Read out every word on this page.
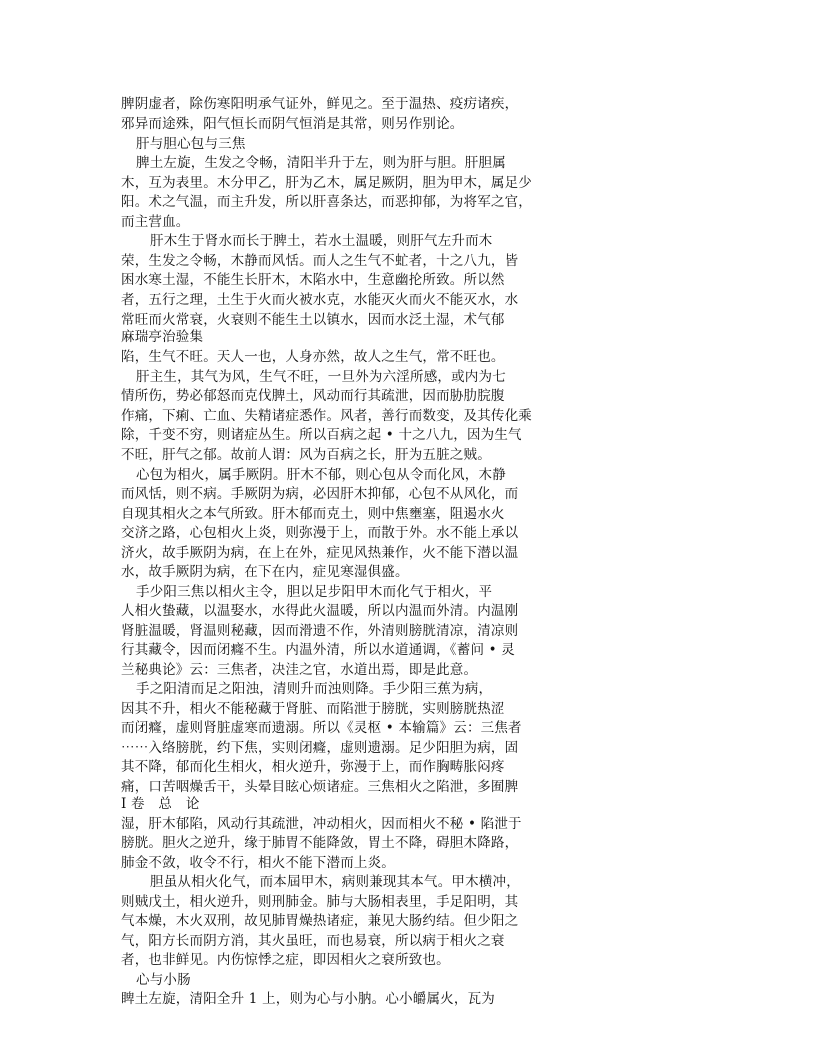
脾阴虚者，除伤寒阳明承气证外，鲜见之。至于温热、疫疠诸疾，
邪异而途殊，阳气恒长而阴气恒消是其常，则另作别论。
肝与胆心包与三焦
脾土左旋，生发之令畅，清阳半升于左，则为肝与胆。肝胆属
木，互为表里。木分甲乙，肝为乙木，属足厥阴，胆为甲木，属足少
阳。术之气温，而主升发，所以肝喜条达，而恶抑郁，为将军之官，
而主营血。
肝木生于肾水而长于脾土，若水土温暖，则肝气左升而木
荣，生发之令畅，木静而风恬。而人之生气不虻者，十之八九，皆
困水寒土湿，不能生长肝木，木陷水中，生意幽抡所致。所以然
者，五行之理，土生于火而火被水克，水能灭火而火不能灭水，水
常旺而火常衰，火衰则不能生土以镇水，因而水泛土湿，术气郁
麻瑞亭治验集
陷，生气不旺。天人一也，人身亦然，故人之生气，常不旺也。
肝主生，其气为风，生气不旺，一旦外为六淫所感，或内为七
情所伤，势必郁怒而克伐脾土，风动而行其疏泄，因而胁肋脘腹
作痛，下痢、亡血、失精诸症悉作。风者，善行而数变，及其传化乘
除，千变不穷，则诸症丛生。所以百病之起 • 十之八九，因为生气
不旺，肝气之郁。故前人谓：风为百病之长，肝为五脏之贼。
心包为相火，属手厥阴。肝木不郁，则心包从令而化风，木静
而风恬，则不病。手厥阴为病，必因肝木抑郁，心包不从风化，而
自现其相火之本气所致。肝木郁而克土，则中焦壅塞，阻遏水火
交济之路，心包相火上炎，则弥漫于上，而散于外。水不能上承以
济火，故手厥阴为病，在上在外，症见风热兼作，火不能下潜以温
水，故手厥阴为病，在下在内，症见寒湿俱盛。
手少阳三焦以相火主令，胆以足步阳甲木而化气于相火，平
人相火蛰藏，以温娶水，水得此火温暖，所以内温而外清。内温刚
肾脏温暖，肾温则秘藏，因而滑遗不作，外清则膀胱清凉，清凉则
行其藏令，因而闭癃不生。内温外清，所以水道通调，《蓄问 • 灵
兰秘典论》云：三焦者，决洼之官，水道出焉，即是此意。
手之阳清而足之阳浊，清则升而浊则降。手少阳三蕉为病，
因其不升，相火不能秘藏于肾脏、而陷泄于膀胱，实则膀胱热涩
而闭癃，虚则肾脏虚寒而遗溺。所以《灵枢 • 本输篇》云：三焦者
⋯⋯入络膀胱，约下焦，实则闭癃，虚则遗溺。足少阳胆为病，固
其不降，郁而化生相火，相火逆升，弥漫于上，而作胸畴胀闷疼
痛，口苦咽燥舌干，头晕目眩心烦诸症。三焦相火之陷泄，多囿脾
I 卷　总　论
湿，肝木郁陷，风动行其疏泄，冲动相火，因而相火不秘 • 陷泄于
膀胱。胆火之逆升，缘于肺胃不能降敛，胃土不降，碍胆木降路，
肺金不敛，收令不行，相火不能下潜而上炎。
胆虽从相火化气，而本屆甲木，病则兼现其本气。甲木横冲，
则贼戊土，相火逆升，则刑肺金。肺与大肠相表里，手足阳明，其
气本燥，木火双刑，故见肺胃燥热诸症，兼见大肠约结。但少阳之
气，阳方长而阴方消，其火虽旺，而也易衰，所以病于相火之衰
者，也非鲜见。内伤惊悸之症，即因相火之衰所致也。
心与小肠
睥土左旋，清阳全升 1 上，则为心与小肭。心小皭属火，瓦为
